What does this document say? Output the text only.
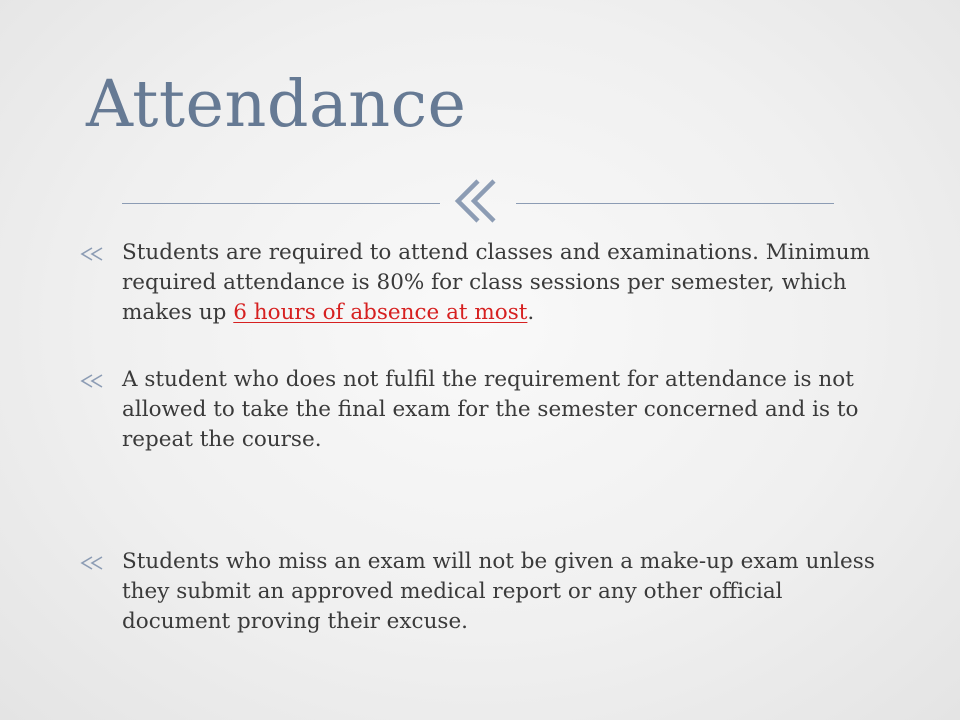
Attendance
Students are required to attend classes and examinations. Minimum required attendance is 80% for class sessions per semester, which makes up 6 hours of absence at most.
A student who does not fulfil the requirement for attendance is not allowed to take the final exam for the semester concerned and is to repeat the course.
Students who miss an exam will not be given a make-up exam unless they submit an approved medical report or any other official document proving their excuse.
